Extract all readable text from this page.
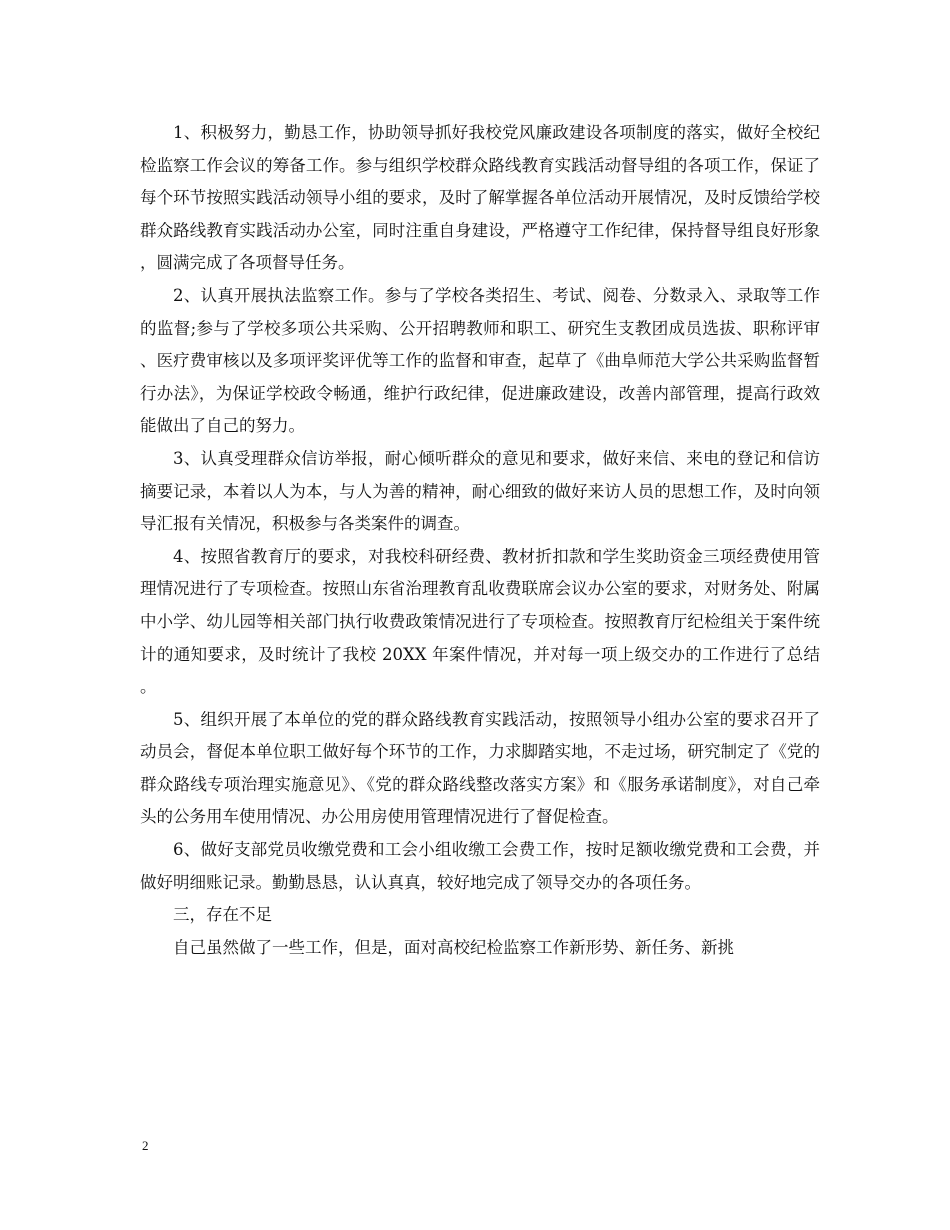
1、积极努力，勤恳工作，协助领导抓好我校党风廉政建设各项制度的落实，做好全校纪检监察工作会议的筹备工作。参与组织学校群众路线教育实践活动督导组的各项工作，保证了每个环节按照实践活动领导小组的要求，及时了解掌握各单位活动开展情况，及时反馈给学校群众路线教育实践活动办公室，同时注重自身建设，严格遵守工作纪律，保持督导组良好形象，圆满完成了各项督导任务。

2、认真开展执法监察工作。参与了学校各类招生、考试、阅卷、分数录入、录取等工作的监督;参与了学校多项公共采购、公开招聘教师和职工、研究生支教团成员选拔、职称评审、医疗费审核以及多项评奖评优等工作的监督和审查，起草了《曲阜师范大学公共采购监督暂行办法》，为保证学校政令畅通，维护行政纪律，促进廉政建设，改善内部管理，提高行政效能做出了自己的努力。

3、认真受理群众信访举报，耐心倾听群众的意见和要求，做好来信、来电的登记和信访摘要记录，本着以人为本，与人为善的精神，耐心细致的做好来访人员的思想工作，及时向领导汇报有关情况，积极参与各类案件的调查。

4、按照省教育厅的要求，对我校科研经费、教材折扣款和学生奖助资金三项经费使用管理情况进行了专项检查。按照山东省治理教育乱收费联席会议办公室的要求，对财务处、附属中小学、幼儿园等相关部门执行收费政策情况进行了专项检查。按照教育厅纪检组关于案件统计的通知要求，及时统计了我校 20XX 年案件情况，并对每一项上级交办的工作进行了总结。

5、组织开展了本单位的党的群众路线教育实践活动，按照领导小组办公室的要求召开了动员会，督促本单位职工做好每个环节的工作，力求脚踏实地，不走过场，研究制定了《党的群众路线专项治理实施意见》、《党的群众路线整改落实方案》和《服务承诺制度》，对自己牵头的公务用车使用情况、办公用房使用管理情况进行了督促检查。

6、做好支部党员收缴党费和工会小组收缴工会费工作，按时足额收缴党费和工会费，并做好明细账记录。勤勤恳恳，认认真真，较好地完成了领导交办的各项任务。

三，存在不足

自己虽然做了一些工作，但是，面对高校纪检监察工作新形势、新任务、新挑

2
